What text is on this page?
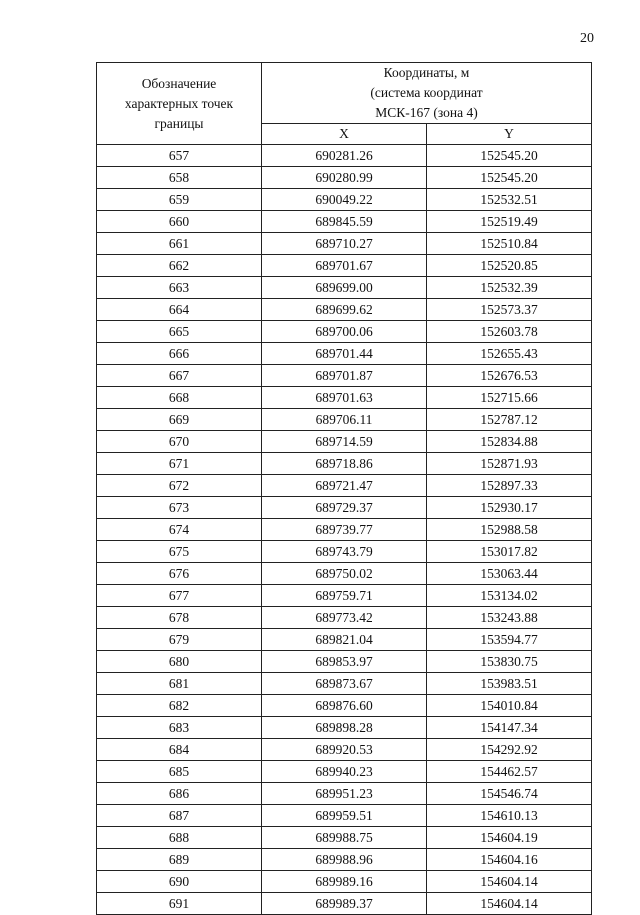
20
Обозначение
характерных точек
границы	Координаты, м
(система координат
МСК-167 (зона 4)	

	X	Y
657	690281.26	152545.20
658	690280.99	152545.20
659	690049.22	152532.51
660	689845.59	152519.49
661	689710.27	152510.84
662	689701.67	152520.85
663	689699.00	152532.39
664	689699.62	152573.37
665	689700.06	152603.78
666	689701.44	152655.43
667	689701.87	152676.53
668	689701.63	152715.66
669	689706.11	152787.12
670	689714.59	152834.88
671	689718.86	152871.93
672	689721.47	152897.33
673	689729.37	152930.17
674	689739.77	152988.58
675	689743.79	153017.82
676	689750.02	153063.44
677	689759.71	153134.02
678	689773.42	153243.88
679	689821.04	153594.77
680	689853.97	153830.75
681	689873.67	153983.51
682	689876.60	154010.84
683	689898.28	154147.34
684	689920.53	154292.92
685	689940.23	154462.57
686	689951.23	154546.74
687	689959.51	154610.13
688	689988.75	154604.19
689	689988.96	154604.16
690	689989.16	154604.14
691	689989.37	154604.14
